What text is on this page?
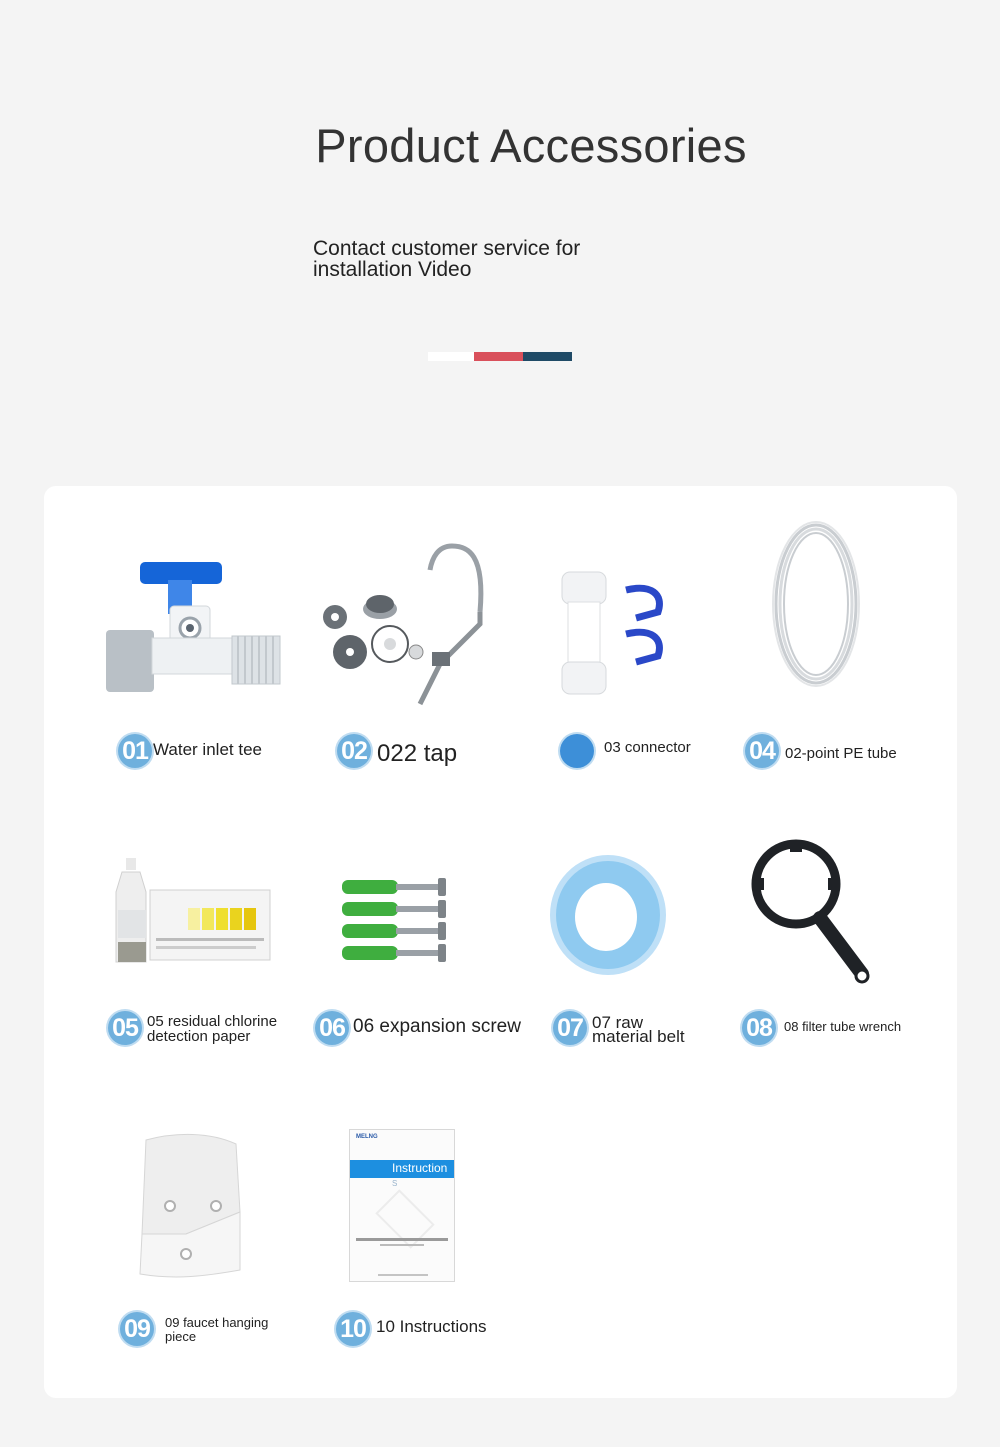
Product Accessories
Contact customer service for
installation Video
01 Water inlet tee	02 022 tap	03 connector 04 02-point PE tube
05 05 residual chlorine
detection paper	06 06 expansion screw 07 07 raw
material belt 08 08 filter tube wrench
09	09 faucet hanging
piece
MELNG
Instruction
S
10 10 Instructions
